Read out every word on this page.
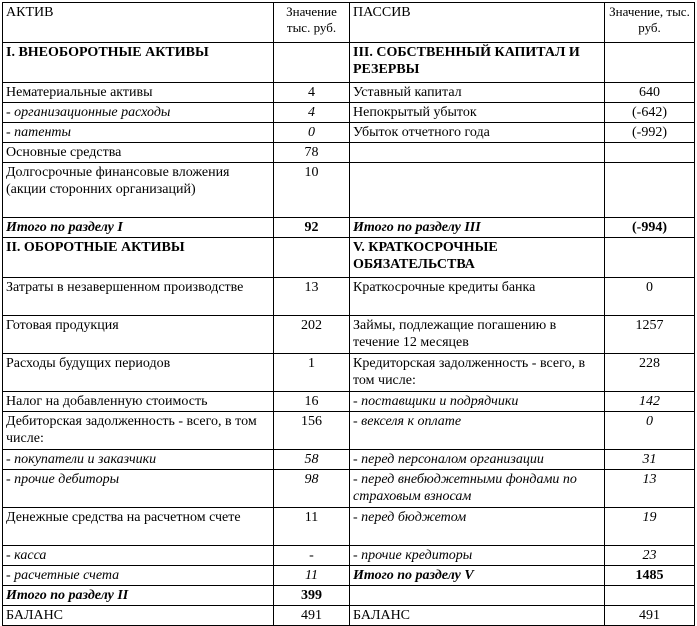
АКТИВ	Значение тыс. руб.	ПАССИВ	Значение, тыс. руб.
I. ВНЕОБОРОТНЫЕ АКТИВЫ		III. СОБСТВЕННЫЙ КАПИТАЛ И РЕЗЕРВЫ	
Нематериальные активы	4	Уставный капитал	640
- организационные расходы	4	Непокрытый убыток	(-642)
- патенты	0	Убыток отчетного года	(-992)
Основные средства	78		
Долгосрочные финансовые вложения (акции сторонних организаций)	10		
Итого по разделу I	92	Итого по разделу III	(-994)
II. ОБОРОТНЫЕ АКТИВЫ		V. КРАТКОСРОЧНЫЕ ОБЯЗАТЕЛЬСТВА	
Затраты в незавершенном производстве	13	Краткосрочные кредиты банка	0
Готовая продукция	202	Займы, подлежащие погашению в течение 12 месяцев	1257
Расходы будущих периодов	1	Кредиторская задолженность - всего, в том числе:	228
Налог на добавленную стоимость	16	- поставщики и подрядчики	142
Дебиторская задолженность - всего, в том числе:	156	- векселя к оплате	0
- покупатели и заказчики	58	- перед персоналом организации	31
- прочие дебиторы	98	- перед внебюджетными фондами по страховым взносам	13
Денежные средства на расчетном счете	11	- перед бюджетом	19
- касса	-	- прочие кредиторы	23
- расчетные счета	11	Итого по разделу V	1485
Итого по разделу II	399		
БАЛАНС	491	БАЛАНС	491
